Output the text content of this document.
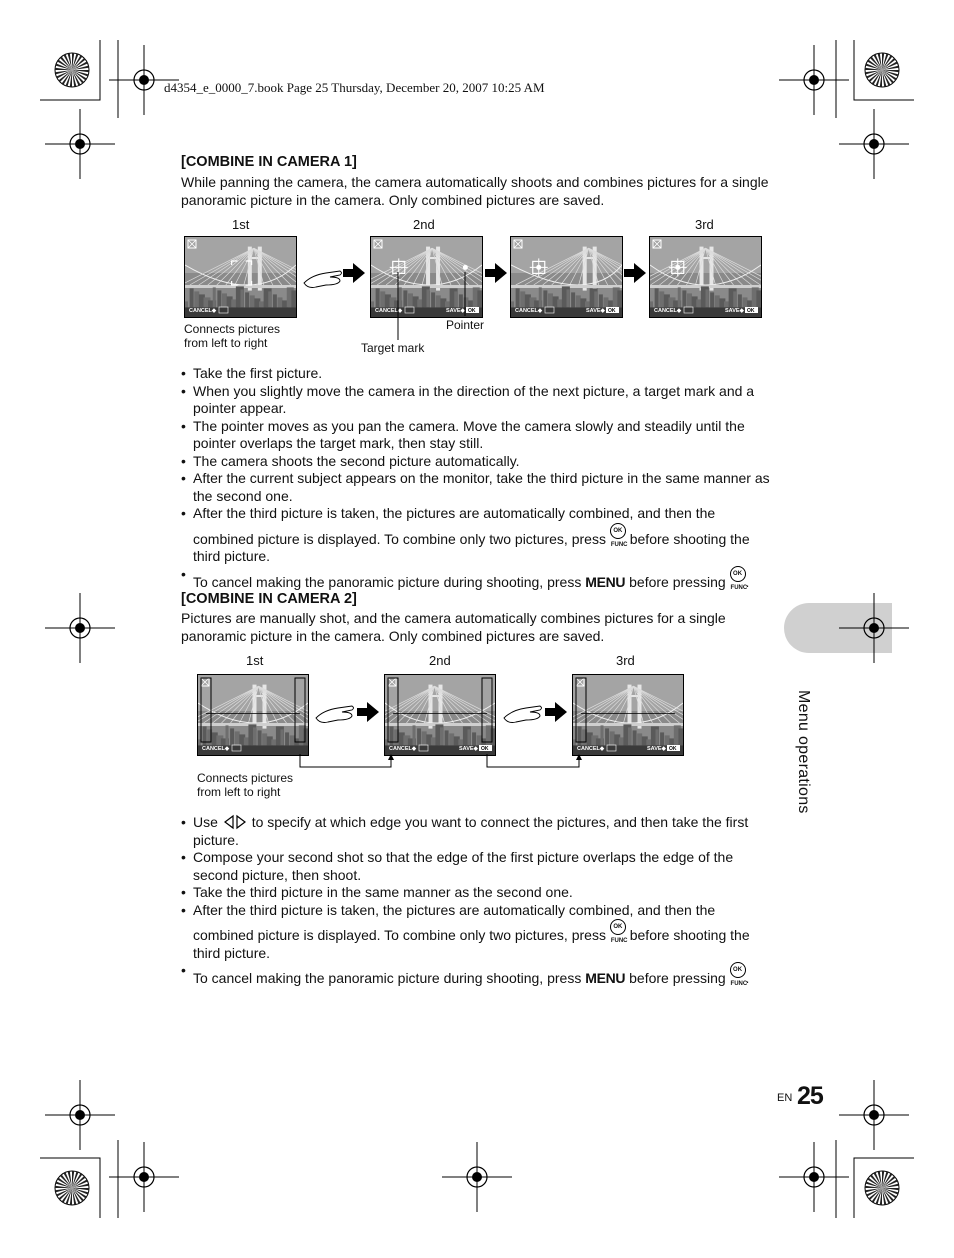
d4354_e_0000_7.book Page 25 Thursday, December 20, 2007 10:25 AM
[COMBINE IN CAMERA 1]
While panning the camera, the camera automatically shoots and combines pictures for a single panoramic picture in the camera. Only combined pictures are saved.
1st	2nd	3rd
CANCEL◆	CANCEL◆	SAVE◆ OK	CANCEL◆	SAVE◆ OK	CANCEL◆	SAVE◆ OK
Connects pictures from left to right
Pointer
Target mark
• Take the first picture.
• When you slightly move the camera in the direction of the next picture, a target mark and a pointer appear.
• The pointer moves as you pan the camera. Move the camera slowly and steadily until the pointer overlaps the target mark, then stay still.
• The camera shoots the second picture automatically.
• After the current subject appears on the monitor, take the third picture in the same manner as the second one.
• After the third picture is taken, the pictures are automatically combined, and then the combined picture is displayed. To combine only two pictures, press OK FUNC before shooting the third picture.
• To cancel making the panoramic picture during shooting, press MENU before pressing OK FUNC.
[COMBINE IN CAMERA 2]
Pictures are manually shot, and the camera automatically combines pictures for a single panoramic picture in the camera. Only combined pictures are saved.
1st	2nd	3rd
CANCEL◆	CANCEL◆	SAVE◆ OK	CANCEL◆	SAVE◆ OK
Connects pictures from left to right
• Use to specify at which edge you want to connect the pictures, and then take the first picture.
• Compose your second shot so that the edge of the first picture overlaps the edge of the second picture, then shoot.
• Take the third picture in the same manner as the second one.
• After the third picture is taken, the pictures are automatically combined, and then the combined picture is displayed. To combine only two pictures, press OK FUNC before shooting the third picture.
• To cancel making the panoramic picture during shooting, press MENU before pressing OK FUNC.
Menu operations
EN 25
